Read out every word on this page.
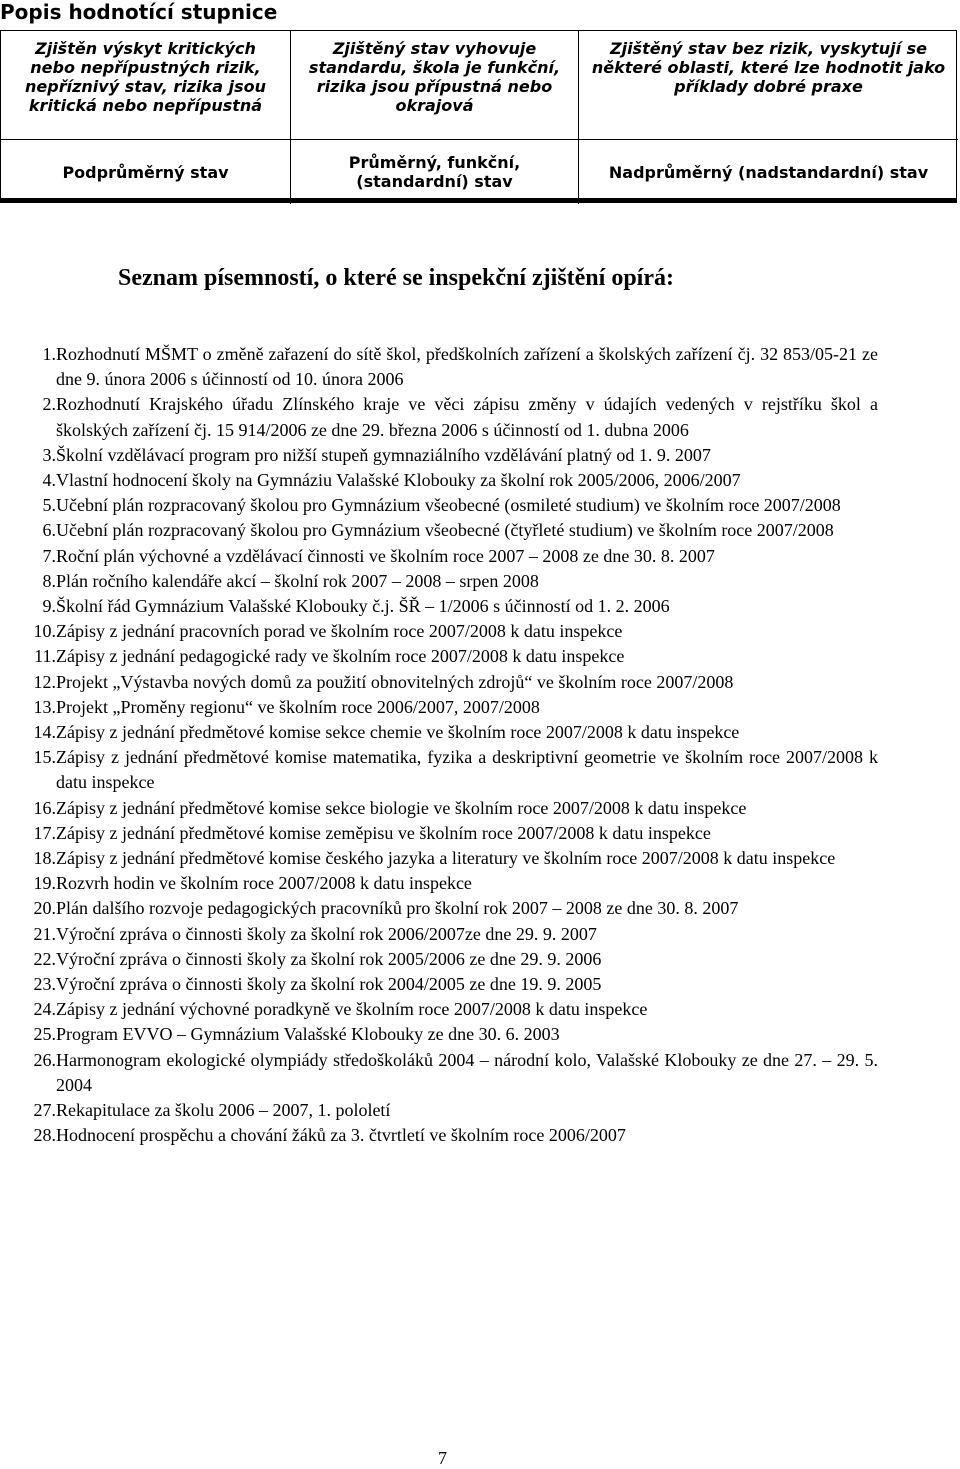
Popis hodnotící stupnice
Zjištěn výskyt kritických nebo nepřípustných rizik, nepříznivý stav, rizika jsou kritická nebo nepřípustná
Zjištěný stav vyhovuje standardu, škola je funkční, rizika jsou přípustná nebo okrajová
Zjištěný stav bez rizik, vyskytují se některé oblasti, které lze hodnotit jako příklady dobré praxe
Podprůměrný stav	Průměrný, funkční, (standardní) stav	Nadprůměrný (nadstandardní) stav
Seznam písemností, o které se inspekční zjištění opírá:
1. Rozhodnutí MŠMT o změně zařazení do sítě škol, předškolních zařízení a školských zařízení čj. 32 853/05-21 ze dne 9. února 2006 s účinností od 10. února 2006
2. Rozhodnutí Krajského úřadu Zlínského kraje ve věci zápisu změny v údajích vedených v rejstříku škol a školských zařízení čj. 15 914/2006 ze dne 29. března 2006 s účinností od 1. dubna 2006
3. Školní vzdělávací program pro nižší stupeň gymnaziálního vzdělávání platný od 1. 9. 2007
4. Vlastní hodnocení školy na Gymnáziu Valašské Klobouky za školní rok 2005/2006, 2006/2007
5. Učební plán rozpracovaný školou pro Gymnázium všeobecné (osmileté studium) ve školním roce 2007/2008
6. Učební plán rozpracovaný školou pro Gymnázium všeobecné (čtyřleté studium) ve školním roce 2007/2008
7. Roční plán výchovné a vzdělávací činnosti ve školním roce 2007 – 2008 ze dne 30. 8. 2007
8. Plán ročního kalendáře akcí – školní rok 2007 – 2008 – srpen 2008
9. Školní řád Gymnázium Valašské Klobouky č.j. ŠŘ – 1/2006 s účinností od 1. 2. 2006
10. Zápisy z jednání pracovních porad ve školním roce 2007/2008 k datu inspekce
11. Zápisy z jednání pedagogické rady ve školním roce 2007/2008 k datu inspekce
12. Projekt „Výstavba nových domů za použití obnovitelných zdrojů“ ve školním roce 2007/2008
13. Projekt „Proměny regionu“ ve školním roce 2006/2007, 2007/2008
14. Zápisy z jednání předmětové komise sekce chemie ve školním roce 2007/2008 k datu inspekce
15. Zápisy z jednání předmětové komise matematika, fyzika a deskriptivní geometrie ve školním roce 2007/2008 k datu inspekce
16. Zápisy z jednání předmětové komise sekce biologie ve školním roce 2007/2008 k datu inspekce
17. Zápisy z jednání předmětové komise zeměpisu ve školním roce 2007/2008 k datu inspekce
18. Zápisy z jednání předmětové komise českého jazyka a literatury ve školním roce 2007/2008 k datu inspekce
19. Rozvrh hodin ve školním roce 2007/2008 k datu inspekce
20. Plán dalšího rozvoje pedagogických pracovníků pro školní rok 2007 – 2008 ze dne 30. 8. 2007
21. Výroční zpráva o činnosti školy za školní rok 2006/2007ze dne 29. 9. 2007
22. Výroční zpráva o činnosti školy za školní rok 2005/2006 ze dne 29. 9. 2006
23. Výroční zpráva o činnosti školy za školní rok 2004/2005 ze dne 19. 9. 2005
24. Zápisy z jednání výchovné poradkyně ve školním roce 2007/2008 k datu inspekce
25. Program EVVO – Gymnázium Valašské Klobouky ze dne 30. 6. 2003
26. Harmonogram ekologické olympiády středoškoláků 2004 – národní kolo, Valašské Klobouky ze dne 27. – 29. 5. 2004
27. Rekapitulace za školu 2006 – 2007, 1. pololetí
28. Hodnocení prospěchu a chování žáků za 3. čtvrtletí ve školním roce 2006/2007
7
